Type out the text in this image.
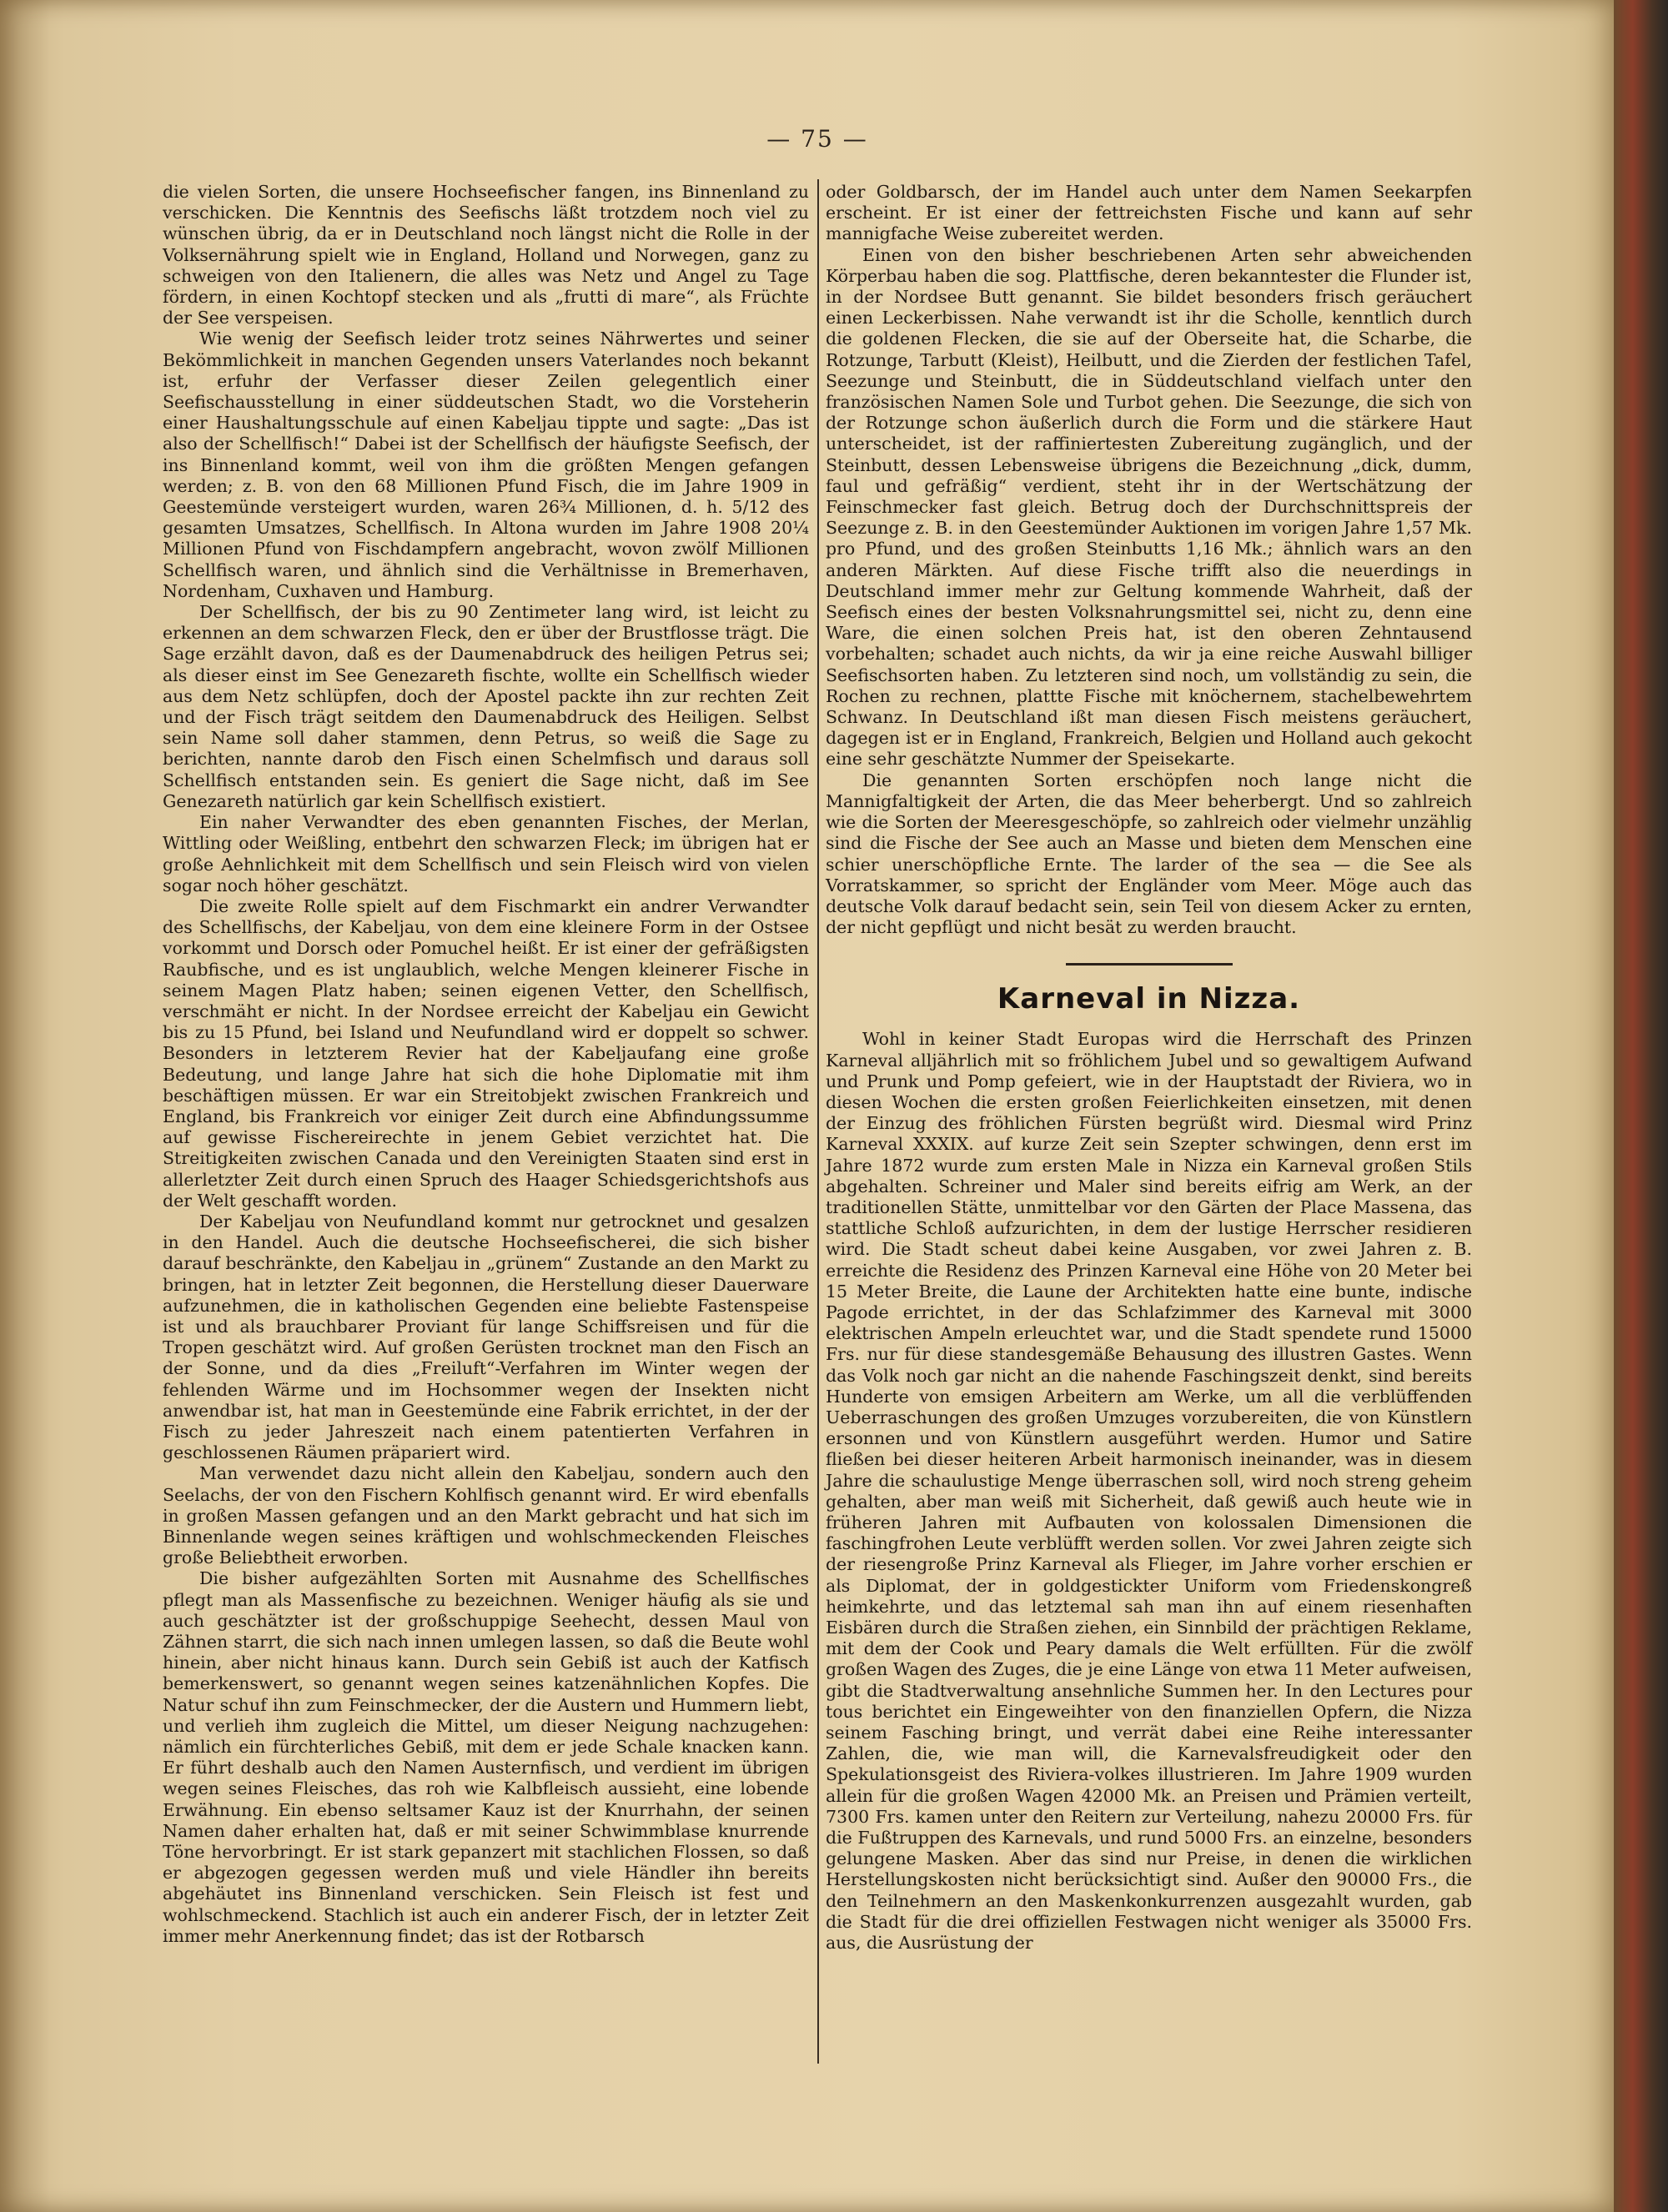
— 75 —

die vielen Sorten, die unsere Hochseefischer fangen, ins Binnenland zu verschicken. Die Kenntnis des Seefischs läßt trotzdem noch viel zu wünschen übrig, da er in Deutschland noch längst nicht die Rolle in der Volksernährung spielt wie in England, Holland und Norwegen, ganz zu schweigen von den Italienern, die alles was Netz und Angel zu Tage fördern, in einen Kochtopf stecken und als „frutti di mare“, als Früchte der See verspeisen.

Wie wenig der Seefisch leider trotz seines Nährwertes und seiner Bekömmlichkeit in manchen Gegenden unsers Vaterlandes noch bekannt ist, erfuhr der Verfasser dieser Zeilen gelegentlich einer Seefischausstellung in einer süddeutschen Stadt, wo die Vorsteherin einer Haushaltungsschule auf einen Kabeljau tippte und sagte: „Das ist also der Schellfisch!“ Dabei ist der Schellfisch der häufigste Seefisch, der ins Binnenland kommt, weil von ihm die größten Mengen gefangen werden; z. B. von den 68 Millionen Pfund Fisch, die im Jahre 1909 in Geestemünde versteigert wurden, waren 26¾ Millionen, d. h. 5/12 des gesamten Umsatzes, Schellfisch. In Altona wurden im Jahre 1908 20¼ Millionen Pfund von Fischdampfern angebracht, wovon zwölf Millionen Schellfisch waren, und ähnlich sind die Verhältnisse in Bremerhaven, Nordenham, Cuxhaven und Hamburg.

Der Schellfisch, der bis zu 90 Zentimeter lang wird, ist leicht zu erkennen an dem schwarzen Fleck, den er über der Brustflosse trägt. Die Sage erzählt davon, daß es der Daumenabdruck des heiligen Petrus sei; als dieser einst im See Genezareth fischte, wollte ein Schellfisch wieder aus dem Netz schlüpfen, doch der Apostel packte ihn zur rechten Zeit und der Fisch trägt seitdem den Daumenabdruck des Heiligen. Selbst sein Name soll daher stammen, denn Petrus, so weiß die Sage zu berichten, nannte darob den Fisch einen Schelmfisch und daraus soll Schellfisch entstanden sein. Es geniert die Sage nicht, daß im See Genezareth natürlich gar kein Schellfisch existiert.

Ein naher Verwandter des eben genannten Fisches, der Merlan, Wittling oder Weißling, entbehrt den schwarzen Fleck; im übrigen hat er große Aehnlichkeit mit dem Schellfisch und sein Fleisch wird von vielen sogar noch höher geschätzt.

Die zweite Rolle spielt auf dem Fischmarkt ein andrer Verwandter des Schellfischs, der Kabeljau, von dem eine kleinere Form in der Ostsee vorkommt und Dorsch oder Pomuchel heißt. Er ist einer der gefräßigsten Raubfische, und es ist unglaublich, welche Mengen kleinerer Fische in seinem Magen Platz haben; seinen eigenen Vetter, den Schellfisch, verschmäht er nicht. In der Nordsee erreicht der Kabeljau ein Gewicht bis zu 15 Pfund, bei Island und Neufundland wird er doppelt so schwer. Besonders in letzterem Revier hat der Kabeljaufang eine große Bedeutung, und lange Jahre hat sich die hohe Diplomatie mit ihm beschäftigen müssen. Er war ein Streitobjekt zwischen Frankreich und England, bis Frankreich vor einiger Zeit durch eine Abfindungssumme auf gewisse Fischereirechte in jenem Gebiet verzichtet hat. Die Streitigkeiten zwischen Canada und den Vereinigten Staaten sind erst in allerletzter Zeit durch einen Spruch des Haager Schiedsgerichtshofs aus der Welt geschafft worden.

Der Kabeljau von Neufundland kommt nur getrocknet und gesalzen in den Handel. Auch die deutsche Hochseefischerei, die sich bisher darauf beschränkte, den Kabeljau in „grünem“ Zustande an den Markt zu bringen, hat in letzter Zeit begonnen, die Herstellung dieser Dauerware aufzunehmen, die in katholischen Gegenden eine beliebte Fastenspeise ist und als brauchbarer Proviant für lange Schiffsreisen und für die Tropen geschätzt wird. Auf großen Gerüsten trocknet man den Fisch an der Sonne, und da dies „Freiluft“-Verfahren im Winter wegen der fehlenden Wärme und im Hochsommer wegen der Insekten nicht anwendbar ist, hat man in Geestemünde eine Fabrik errichtet, in der der Fisch zu jeder Jahreszeit nach einem patentierten Verfahren in geschlossenen Räumen präpariert wird.

Man verwendet dazu nicht allein den Kabeljau, sondern auch den Seelachs, der von den Fischern Kohlfisch genannt wird. Er wird ebenfalls in großen Massen gefangen und an den Markt gebracht und hat sich im Binnenlande wegen seines kräftigen und wohlschmeckenden Fleisches große Beliebtheit erworben.

Die bisher aufgezählten Sorten mit Ausnahme des Schellfisches pflegt man als Massenfische zu bezeichnen. Weniger häufig als sie und auch geschätzter ist der großschuppige Seehecht, dessen Maul von Zähnen starrt, die sich nach innen umlegen lassen, so daß die Beute wohl hinein, aber nicht hinaus kann. Durch sein Gebiß ist auch der Katfisch bemerkenswert, so genannt wegen seines katzenähnlichen Kopfes. Die Natur schuf ihn zum Feinschmecker, der die Austern und Hummern liebt, und verlieh ihm zugleich die Mittel, um dieser Neigung nachzugehen: nämlich ein fürchterliches Gebiß, mit dem er jede Schale knacken kann. Er führt deshalb auch den Namen Austernfisch, und verdient im übrigen wegen seines Fleisches, das roh wie Kalbfleisch aussieht, eine lobende Erwähnung. Ein ebenso seltsamer Kauz ist der Knurrhahn, der seinen Namen daher erhalten hat, daß er mit seiner Schwimmblase knurrende Töne hervorbringt. Er ist stark gepanzert mit stachlichen Flossen, so daß er abgezogen gegessen werden muß und viele Händler ihn bereits abgehäutet ins Binnenland verschicken. Sein Fleisch ist fest und wohlschmeckend. Stachlich ist auch ein anderer Fisch, der in letzter Zeit immer mehr Anerkennung findet; das ist der Rotbarsch

oder Goldbarsch, der im Handel auch unter dem Namen Seekarpfen erscheint. Er ist einer der fettreichsten Fische und kann auf sehr mannigfache Weise zubereitet werden.

Einen von den bisher beschriebenen Arten sehr abweichenden Körperbau haben die sog. Plattfische, deren bekanntester die Flunder ist, in der Nordsee Butt genannt. Sie bildet besonders frisch geräuchert einen Leckerbissen. Nahe verwandt ist ihr die Scholle, kenntlich durch die goldenen Flecken, die sie auf der Oberseite hat, die Scharbe, die Rotzunge, Tarbutt (Kleist), Heilbutt, und die Zierden der festlichen Tafel, Seezunge und Steinbutt, die in Süddeutschland vielfach unter den französischen Namen Sole und Turbot gehen. Die Seezunge, die sich von der Rotzunge schon äußerlich durch die Form und die stärkere Haut unterscheidet, ist der raffiniertesten Zubereitung zugänglich, und der Steinbutt, dessen Lebensweise übrigens die Bezeichnung „dick, dumm, faul und gefräßig“ verdient, steht ihr in der Wertschätzung der Feinschmecker fast gleich. Betrug doch der Durchschnittspreis der Seezunge z. B. in den Geestemünder Auktionen im vorigen Jahre 1,57 Mk. pro Pfund, und des großen Steinbutts 1,16 Mk.; ähnlich wars an den anderen Märkten. Auf diese Fische trifft also die neuerdings in Deutschland immer mehr zur Geltung kommende Wahrheit, daß der Seefisch eines der besten Volksnahrungsmittel sei, nicht zu, denn eine Ware, die einen solchen Preis hat, ist den oberen Zehntausend vorbehalten; schadet auch nichts, da wir ja eine reiche Auswahl billiger Seefischsorten haben. Zu letzteren sind noch, um vollständig zu sein, die Rochen zu rechnen, plattte Fische mit knöchernem, stachelbewehrtem Schwanz. In Deutschland ißt man diesen Fisch meistens geräuchert, dagegen ist er in England, Frankreich, Belgien und Holland auch gekocht eine sehr geschätzte Nummer der Speisekarte.

Die genannten Sorten erschöpfen noch lange nicht die Mannigfaltigkeit der Arten, die das Meer beherbergt. Und so zahlreich wie die Sorten der Meeresgeschöpfe, so zahlreich oder vielmehr unzählig sind die Fische der See auch an Masse und bieten dem Menschen eine schier unerschöpfliche Ernte. The larder of the sea — die See als Vorratskammer, so spricht der Engländer vom Meer. Möge auch das deutsche Volk darauf bedacht sein, sein Teil von diesem Acker zu ernten, der nicht gepflügt und nicht besät zu werden braucht.

Karneval in Nizza.

Wohl in keiner Stadt Europas wird die Herrschaft des Prinzen Karneval alljährlich mit so fröhlichem Jubel und so gewaltigem Aufwand und Prunk und Pomp gefeiert, wie in der Hauptstadt der Riviera, wo in diesen Wochen die ersten großen Feierlichkeiten einsetzen, mit denen der Einzug des fröhlichen Fürsten begrüßt wird. Diesmal wird Prinz Karneval XXXIX. auf kurze Zeit sein Szepter schwingen, denn erst im Jahre 1872 wurde zum ersten Male in Nizza ein Karneval großen Stils abgehalten. Schreiner und Maler sind bereits eifrig am Werk, an der traditionellen Stätte, unmittelbar vor den Gärten der Place Massena, das stattliche Schloß aufzurichten, in dem der lustige Herrscher residieren wird. Die Stadt scheut dabei keine Ausgaben, vor zwei Jahren z. B. erreichte die Residenz des Prinzen Karneval eine Höhe von 20 Meter bei 15 Meter Breite, die Laune der Architekten hatte eine bunte, indische Pagode errichtet, in der das Schlafzimmer des Karneval mit 3000 elektrischen Ampeln erleuchtet war, und die Stadt spendete rund 15000 Frs. nur für diese standesgemäße Behausung des illustren Gastes. Wenn das Volk noch gar nicht an die nahende Faschingszeit denkt, sind bereits Hunderte von emsigen Arbeitern am Werke, um all die verblüffenden Ueberraschungen des großen Umzuges vorzubereiten, die von Künstlern ersonnen und von Künstlern ausgeführt werden. Humor und Satire fließen bei dieser heiteren Arbeit harmonisch ineinander, was in diesem Jahre die schaulustige Menge überraschen soll, wird noch streng geheim gehalten, aber man weiß mit Sicherheit, daß gewiß auch heute wie in früheren Jahren mit Aufbauten von kolossalen Dimensionen die faschingfrohen Leute verblüfft werden sollen. Vor zwei Jahren zeigte sich der riesengroße Prinz Karneval als Flieger, im Jahre vorher erschien er als Diplomat, der in goldgestickter Uniform vom Friedenskongreß heimkehrte, und das letztemal sah man ihn auf einem riesenhaften Eisbären durch die Straßen ziehen, ein Sinnbild der prächtigen Reklame, mit dem der Cook und Peary damals die Welt erfüllten. Für die zwölf großen Wagen des Zuges, die je eine Länge von etwa 11 Meter aufweisen, gibt die Stadtverwaltung ansehnliche Summen her. In den Lectures pour tous berichtet ein Eingeweihter von den finanziellen Opfern, die Nizza seinem Fasching bringt, und verrät dabei eine Reihe interessanter Zahlen, die, wie man will, die Karnevalsfreudigkeit oder den Spekulationsgeist des Riviera-volkes illustrieren. Im Jahre 1909 wurden allein für die großen Wagen 42000 Mk. an Preisen und Prämien verteilt, 7300 Frs. kamen unter den Reitern zur Verteilung, nahezu 20000 Frs. für die Fußtruppen des Karnevals, und rund 5000 Frs. an einzelne, besonders gelungene Masken. Aber das sind nur Preise, in denen die wirklichen Herstellungskosten nicht berücksichtigt sind. Außer den 90000 Frs., die den Teilnehmern an den Maskenkonkurrenzen ausgezahlt wurden, gab die Stadt für die drei offiziellen Festwagen nicht weniger als 35000 Frs. aus, die Ausrüstung der
